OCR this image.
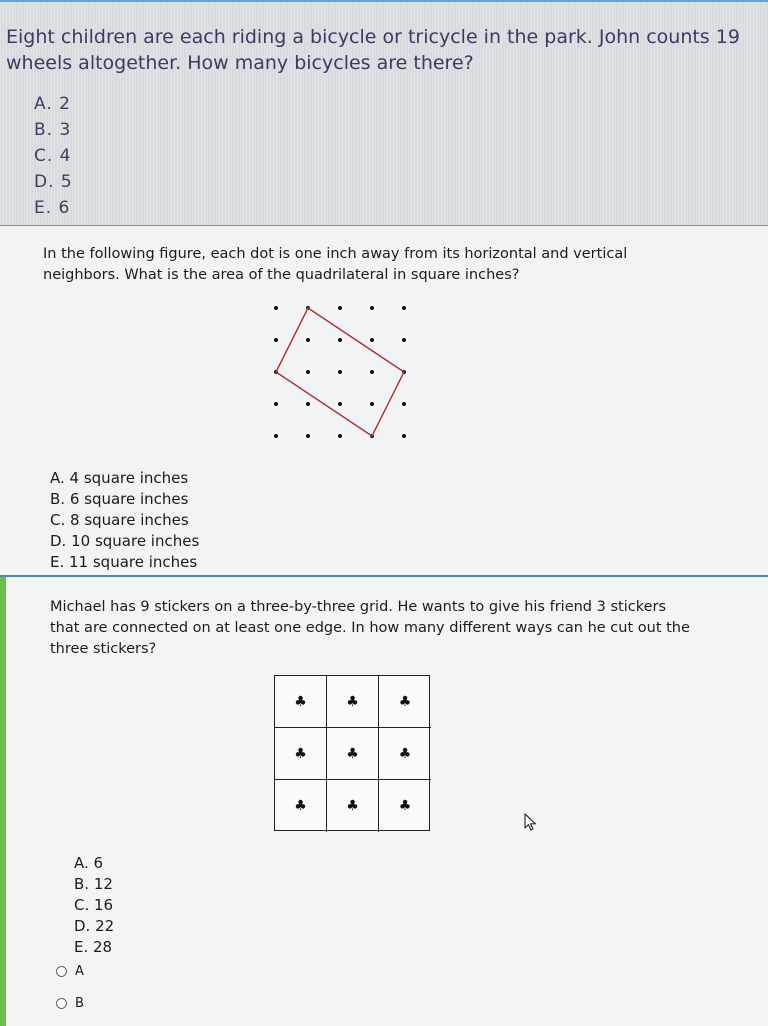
Eight children are each riding a bicycle or tricycle in the park. John counts 19 wheels altogether. How many bicycles are there?

A. 2
B. 3
C. 4
D. 5
E. 6

In the following figure, each dot is one inch away from its horizontal and vertical neighbors. What is the area of the quadrilateral in square inches?

A. 4 square inches
B. 6 square inches
C. 8 square inches
D. 10 square inches
E. 11 square inches

Michael has 9 stickers on a three-by-three grid. He wants to give his friend 3 stickers that are connected on at least one edge. In how many different ways can he cut out the three stickers?

♣	♣	♣
♣	♣	♣
♣	♣	♣
A. 6
B. 12
C. 16
D. 22
E. 28
A
B
